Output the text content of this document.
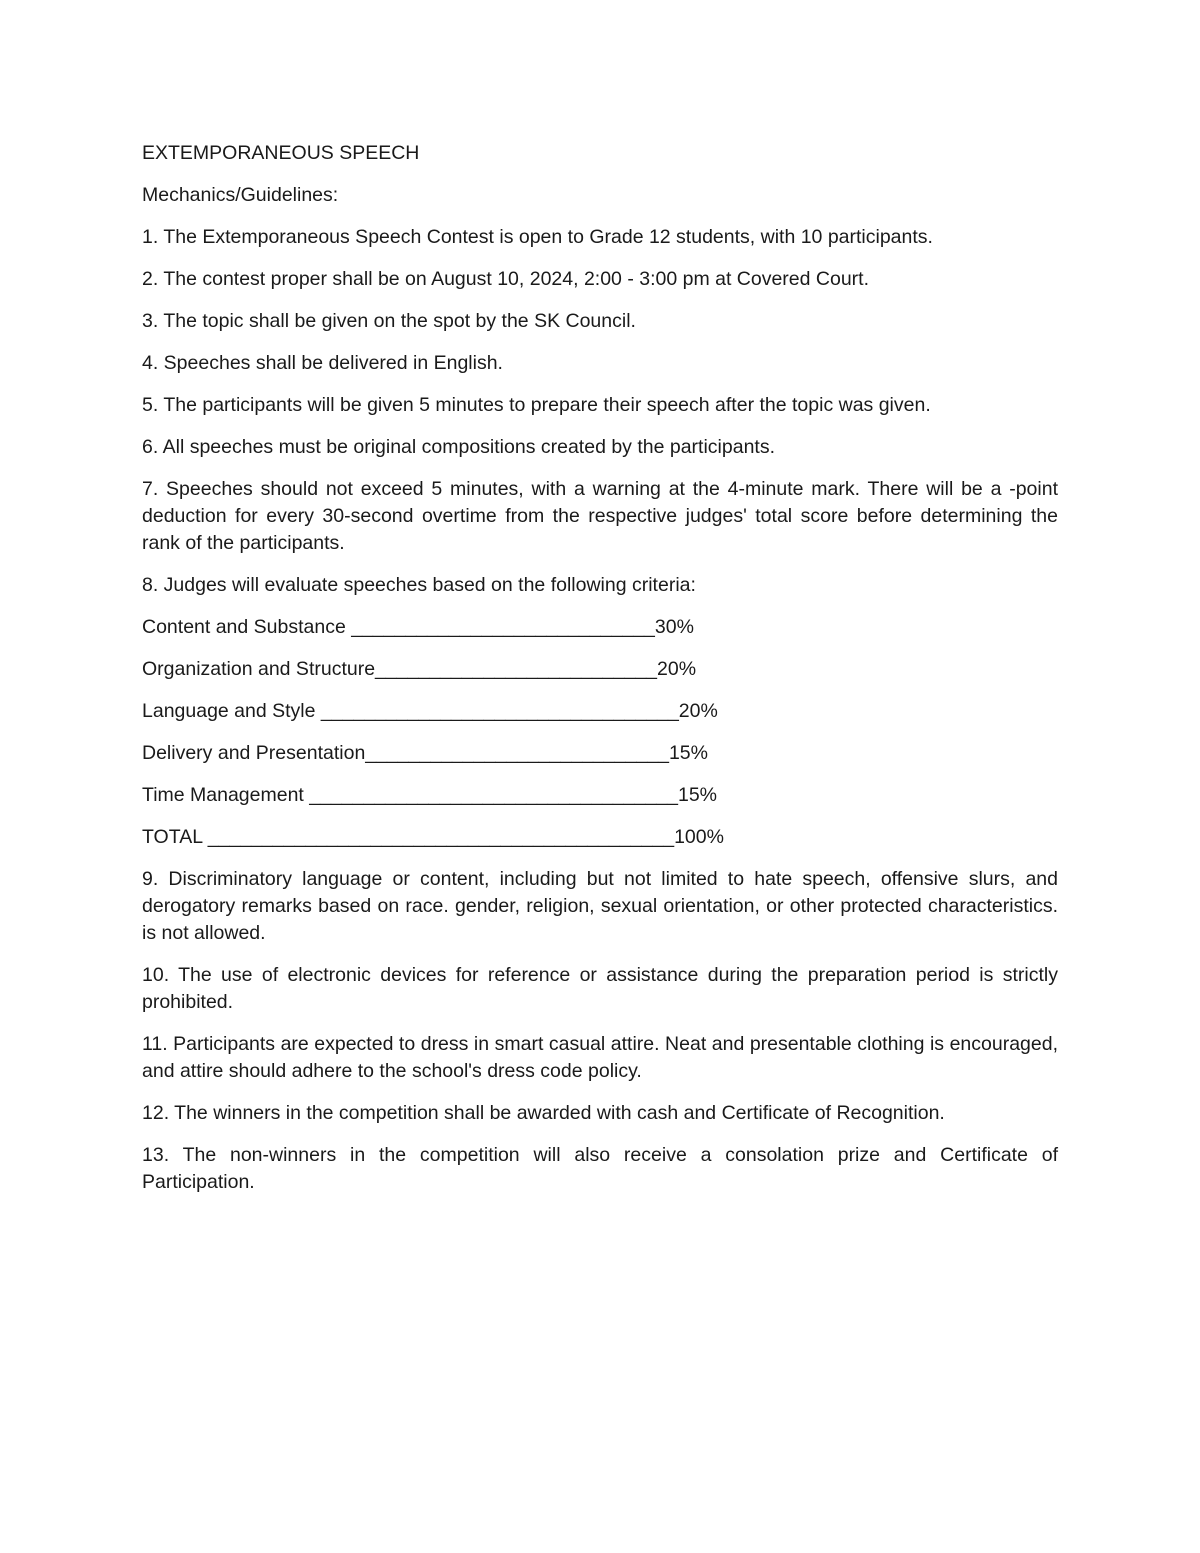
EXTEMPORANEOUS SPEECH

Mechanics/Guidelines:

1. The Extemporaneous Speech Contest is open to Grade 12 students, with 10 participants.

2. The contest proper shall be on August 10, 2024, 2:00 - 3:00 pm at Covered Court.

3. The topic shall be given on the spot by the SK Council.

4. Speeches shall be delivered in English.

5. The participants will be given 5 minutes to prepare their speech after the topic was given.

6. All speeches must be original compositions created by the participants.

7. Speeches should not exceed 5 minutes, with a warning at the 4-minute mark. There will be a -point deduction for every 30-second overtime from the respective judges' total score before determining the rank of the participants.

8. Judges will evaluate speeches based on the following criteria:

Content and Substance ____________________________30%

Organization and Structure__________________________20%

Language and Style _________________________________20%

Delivery and Presentation____________________________15%

Time Management __________________________________15%

TOTAL ___________________________________________100%

9. Discriminatory language or content, including but not limited to hate speech, offensive slurs, and derogatory remarks based on race. gender, religion, sexual orientation, or other protected characteristics. is not allowed.

10. The use of electronic devices for reference or assistance during the preparation period is strictly prohibited.

11. Participants are expected to dress in smart casual attire. Neat and presentable clothing is encouraged, and attire should adhere to the school's dress code policy.

12. The winners in the competition shall be awarded with cash and Certificate of Recognition.

13. The non-winners in the competition will also receive a consolation prize and Certificate of Participation.
